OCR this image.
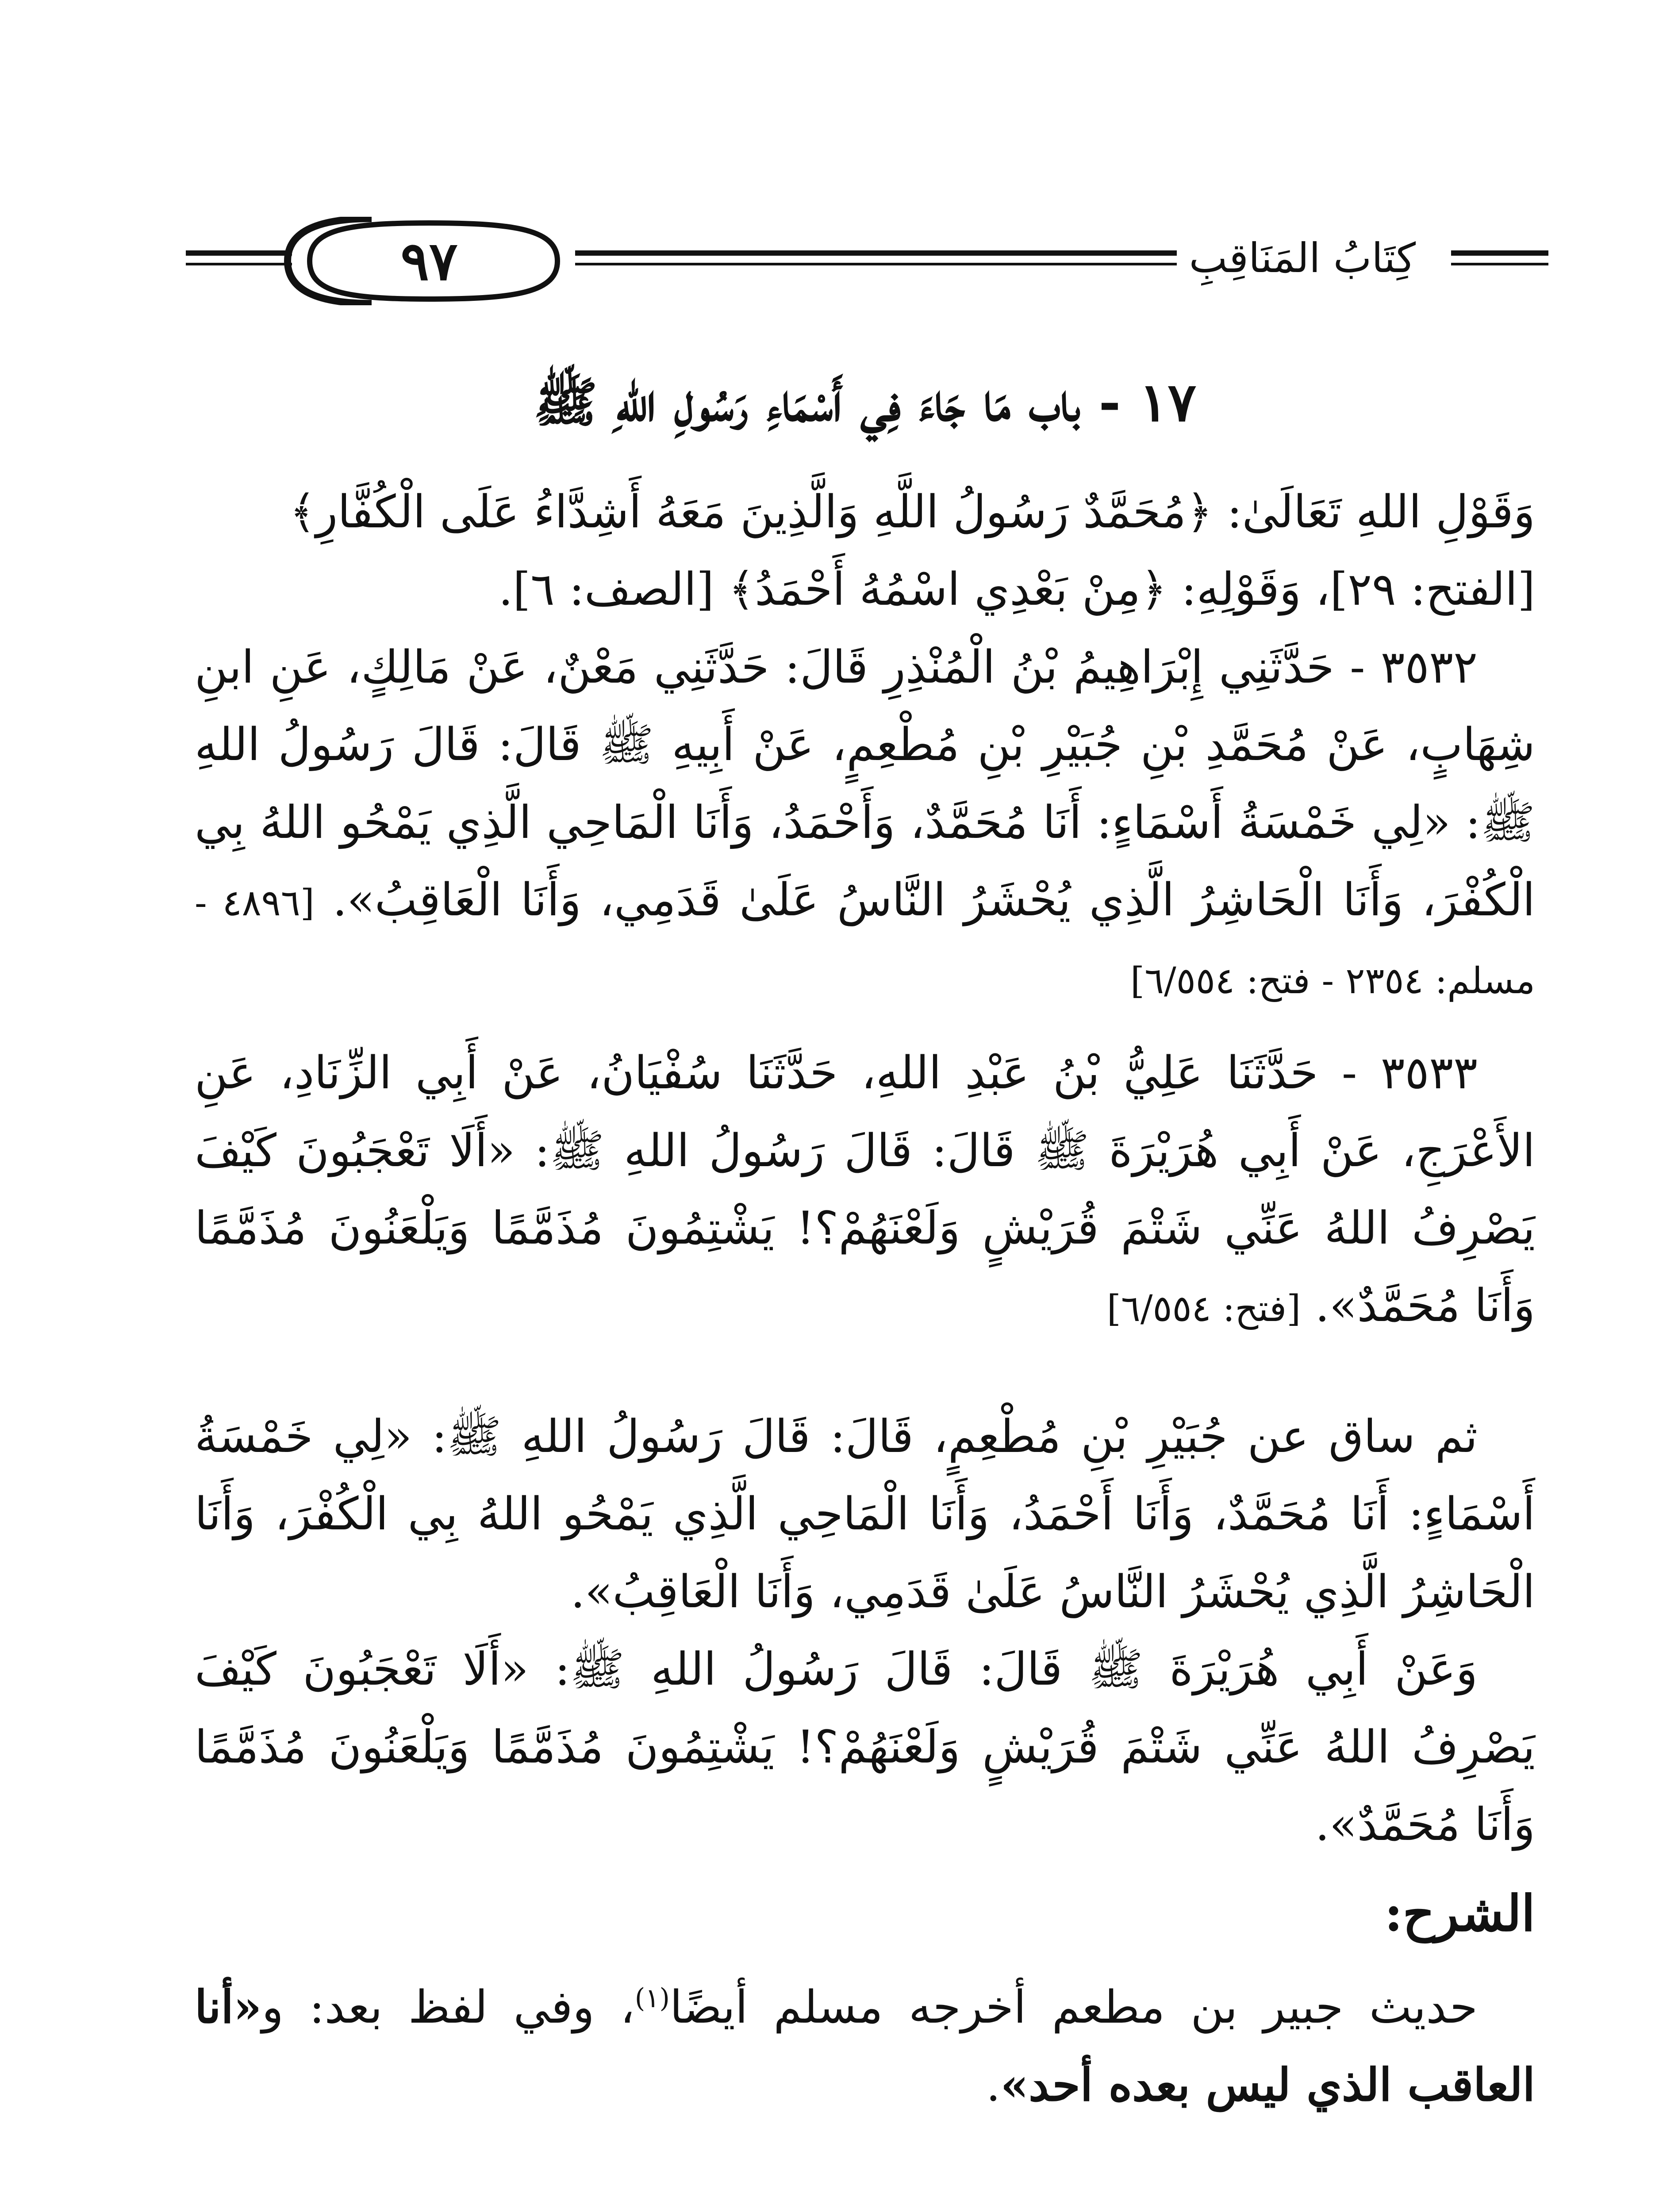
٩٧	كِتَابُ المَنَاقِبِ
١٧ - باب مَا جَاءَ فِي أَسْمَاءِ رَسُولِ اللهِ ﷺ

وَقَوْلِ اللهِ تَعَالَىٰ: ﴿مُحَمَّدٌ رَسُولُ اللَّهِ وَالَّذِينَ مَعَهُ أَشِدَّاءُ عَلَى الْكُفَّارِ﴾

[الفتح: ٢٩]، وَقَوْلِهِ: ﴿مِنْ بَعْدِي اسْمُهُ أَحْمَدُ﴾ [الصف: ٦].

٣٥٣٢ - حَدَّثَنِي إِبْرَاهِيمُ بْنُ الْمُنْذِرِ قَالَ: حَدَّثَنِي مَعْنٌ، عَنْ مَالِكٍ، عَنِ ابنِ شِهَابٍ، عَنْ مُحَمَّدِ بْنِ جُبَيْرِ بْنِ مُطْعِمٍ، عَنْ أَبِيهِ ﷺ قَالَ: قَالَ رَسُولُ اللهِ ﷺ: «لِي خَمْسَةُ أَسْمَاءٍ: أَنَا مُحَمَّدٌ، وَأَحْمَدُ، وَأَنَا الْمَاحِي الَّذِي يَمْحُو اللهُ بِي الْكُفْرَ، وَأَنَا الْحَاشِرُ الَّذِي يُحْشَرُ النَّاسُ عَلَىٰ قَدَمِي، وَأَنَا الْعَاقِبُ». [٤٨٩٦ - مسلم: ٢٣٥٤ - فتح: ٦/٥٥٤]

٣٥٣٣ - حَدَّثَنَا عَلِيُّ بْنُ عَبْدِ اللهِ، حَدَّثَنَا سُفْيَانُ، عَنْ أَبِي الزِّنَادِ، عَنِ الأَعْرَجِ، عَنْ أَبِي هُرَيْرَةَ ﷺ قَالَ: قَالَ رَسُولُ اللهِ ﷺ: «أَلَا تَعْجَبُونَ كَيْفَ يَصْرِفُ اللهُ عَنِّي شَتْمَ قُرَيْشٍ وَلَعْنَهُمْ؟! يَشْتِمُونَ مُذَمَّمًا وَيَلْعَنُونَ مُذَمَّمًا وَأَنَا مُحَمَّدٌ». [فتح: ٦/٥٥٤]

ثم ساق عن جُبَيْرِ بْنِ مُطْعِمٍ، قَالَ: قَالَ رَسُولُ اللهِ ﷺ: «لِي خَمْسَةُ أَسْمَاءٍ: أَنَا مُحَمَّدٌ، وَأَنَا أَحْمَدُ، وَأَنَا الْمَاحِي الَّذِي يَمْحُو اللهُ بِي الْكُفْرَ، وَأَنَا الْحَاشِرُ الَّذِي يُحْشَرُ النَّاسُ عَلَىٰ قَدَمِي، وَأَنَا الْعَاقِبُ».

وَعَنْ أَبِي هُرَيْرَةَ ﷺ قَالَ: قَالَ رَسُولُ اللهِ ﷺ: «أَلَا تَعْجَبُونَ كَيْفَ يَصْرِفُ اللهُ عَنِّي شَتْمَ قُرَيْشٍ وَلَعْنَهُمْ؟! يَشْتِمُونَ مُذَمَّمًا وَيَلْعَنُونَ مُذَمَّمًا وَأَنَا مُحَمَّدٌ».

الشرح:

حديث جبير بن مطعم أخرجه مسلم أيضًا$^{(١)}$، وفي لفظ بعد: و«أنا العاقب الذي ليس بعده أحد».
